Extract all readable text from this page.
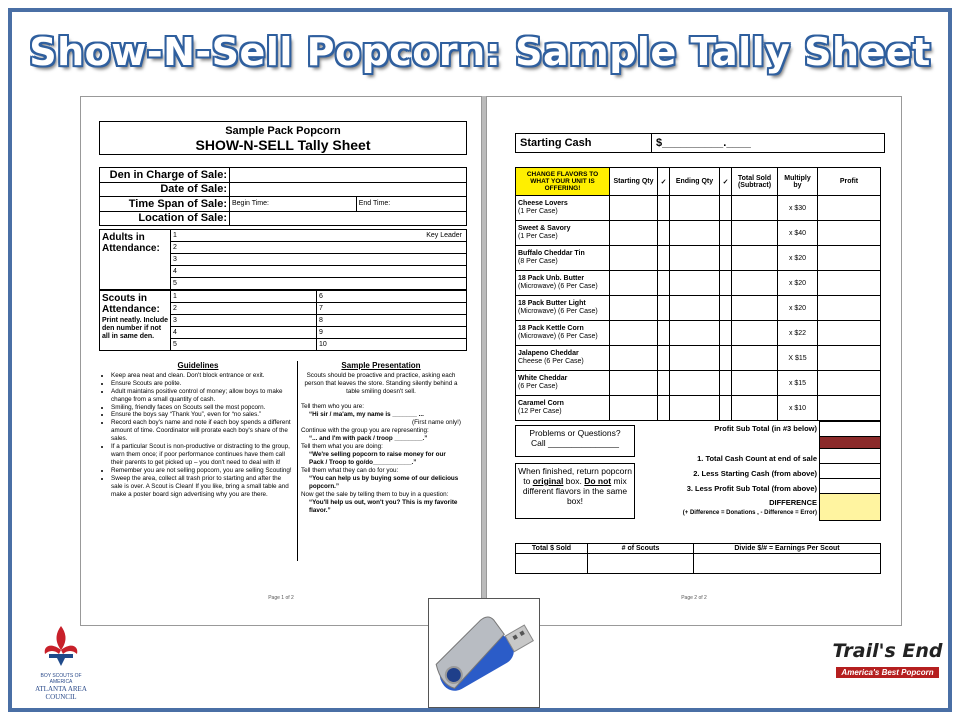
Show-N-Sell Popcorn: Sample Tally Sheet
Sample Pack Popcorn
SHOW-N-SELL Tally Sheet
Den in Charge of Sale:		
Date of Sale:		
Time Span of Sale:	Begin Time:	End Time:
Location of Sale:		
Adults in Attendance:
1	Key Leader
2
3
4
5
Scouts in Attendance:
Print neatly. Include den number if not all in same den.
1	6
2	7
3	8
4	9
5	10
Guidelines
• Keep area neat and clean. Don't block entrance or exit.
• Ensure Scouts are polite.
• Adult maintains positive control of money; allow boys to make change from a small quantity of cash.
• Smiling, friendly faces on Scouts sell the most popcorn.
• Ensure the boys say “Thank You”, even for “no sales.”
• Record each boy's name and note if each boy spends a different amount of time. Coordinator will prorate each boy's share of the sales.
• If a particular Scout is non-productive or distracting to the group, warn them once; if poor performance continues have them call their parents to get picked up – you don't need to deal with it!
• Remember you are not selling popcorn, you are selling Scouting!
• Sweep the area, collect all trash prior to starting and after the sale is over. A Scout is Clean! If you like, bring a small table and make a poster board sign advertising why you are there.
Sample Presentation
Scouts should be proactive and practice, asking each person that leaves the store. Standing silently behind a table smiling doesn't sell.
Tell them who you are:
“Hi sir / ma'am, my name is _______ ...
(First name only!)
Continue with the group you are representing:
“... and I'm with pack / troop ________.”
Tell them what you are doing:
“We're selling popcorn to raise money for our Pack / Troop to go/do___________.”
Tell them what they can do for you:
“You can help us by buying some of our delicious popcorn.”
Now get the sale by telling them to buy in a question:
“You'll help us out, won't you? This is my favorite flavor.”
Page 1 of 2
Starting Cash	$__________.____
CHANGE FLAVORS TO WHAT YOUR UNIT IS OFFERING!	Starting Qty	✓	Ending Qty	✓	Total Sold (Subtract)	Multiply by	Profit

Cheese Lovers
(1 Per Case)						x $30	

Sweet & Savory
(1 Per Case)						x $40	

Buffalo Cheddar Tin
(8 Per Case)						x $20	

18 Pack Unb. Butter
(Microwave) (6 Per Case)						x $20	

18 Pack Butter Light
(Microwave) (6 Per Case)						x $20	

18 Pack Kettle Corn
(Microwave) (6 Per Case)						x $22	

Jalapeno Cheddar
Cheese (6 Per Case)						X $15	

White Cheddar
(6 Per Case)						x $15	

Caramel Corn
(12 Per Case)						x $10	
Problems or Questions?
Call _______________
When finished, return popcorn to original box. Do not mix different flavors in the same box!
Profit Sub Total (in #3 below)
1. Total Cash Count at end of sale
2. Less Starting Cash (from above)
3. Less Profit Sub Total (from above)
DIFFERENCE
(+ Difference = Donations , - Difference = Error)

Total $ Sold	# of Scouts	Divide $/# = Earnings Per Scout

Page 2 of 2
BOY SCOUTS OF AMERICA
ATLANTA AREA
COUNCIL
Trail's End
America's Best Popcorn
